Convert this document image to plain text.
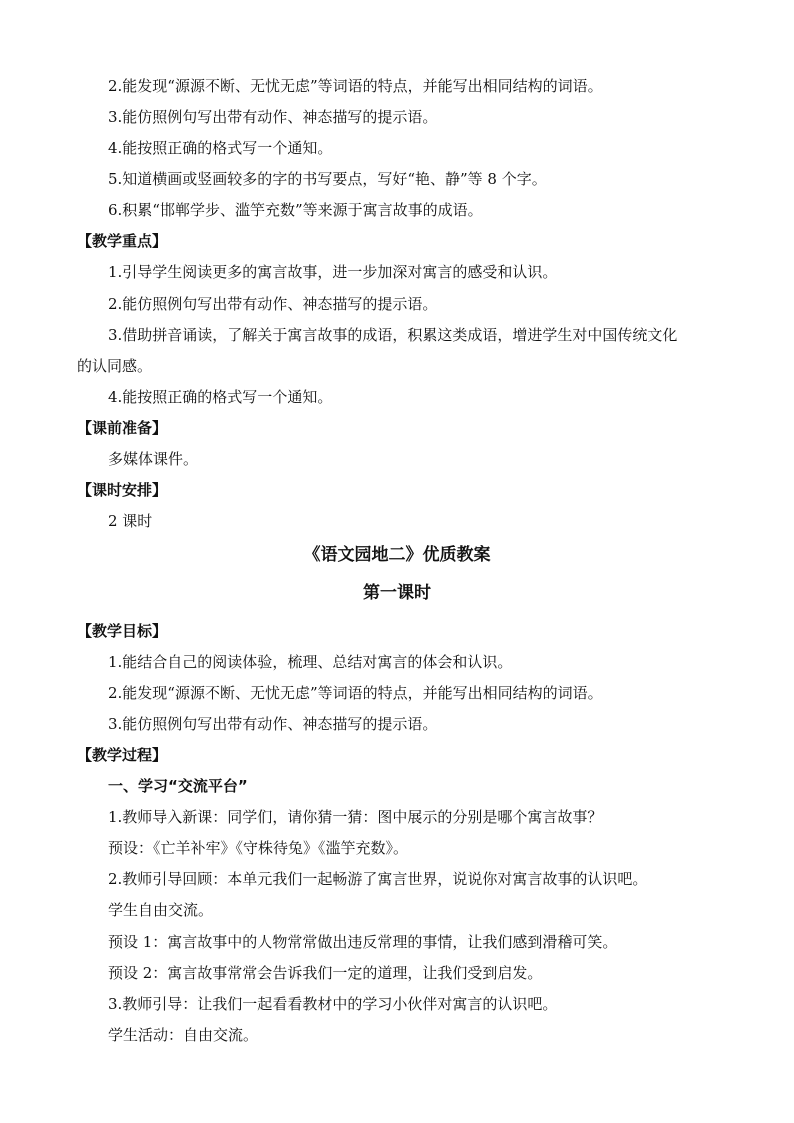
2.能发现“源源不断、无忧无虑”等词语的特点，并能写出相同结构的词语。
3.能仿照例句写出带有动作、神态描写的提示语。
4.能按照正确的格式写一个通知。
5.知道横画或竖画较多的字的书写要点，写好“艳、静”等 8 个字。
6.积累“邯郸学步、滥竽充数”等来源于寓言故事的成语。
【教学重点】
1.引导学生阅读更多的寓言故事，进一步加深对寓言的感受和认识。
2.能仿照例句写出带有动作、神态描写的提示语。
3.借助拼音诵读，了解关于寓言故事的成语，积累这类成语，增进学生对中国传统文化
的认同感。
4.能按照正确的格式写一个通知。
【课前准备】
多媒体课件。
【课时安排】
2 课时
《语文园地二》优质教案
第一课时
【教学目标】
1.能结合自己的阅读体验，梳理、总结对寓言的体会和认识。
2.能发现“源源不断、无忧无虑”等词语的特点，并能写出相同结构的词语。
3.能仿照例句写出带有动作、神态描写的提示语。
【教学过程】
一、学习“交流平台”
1.教师导入新课：同学们，请你猜一猜：图中展示的分别是哪个寓言故事？
预设：《亡羊补牢》《守株待兔》《滥竽充数》。
2.教师引导回顾：本单元我们一起畅游了寓言世界，说说你对寓言故事的认识吧。
学生自由交流。
预设 1：寓言故事中的人物常常做出违反常理的事情，让我们感到滑稽可笑。
预设 2：寓言故事常常会告诉我们一定的道理，让我们受到启发。
3.教师引导：让我们一起看看教材中的学习小伙伴对寓言的认识吧。
学生活动：自由交流。
